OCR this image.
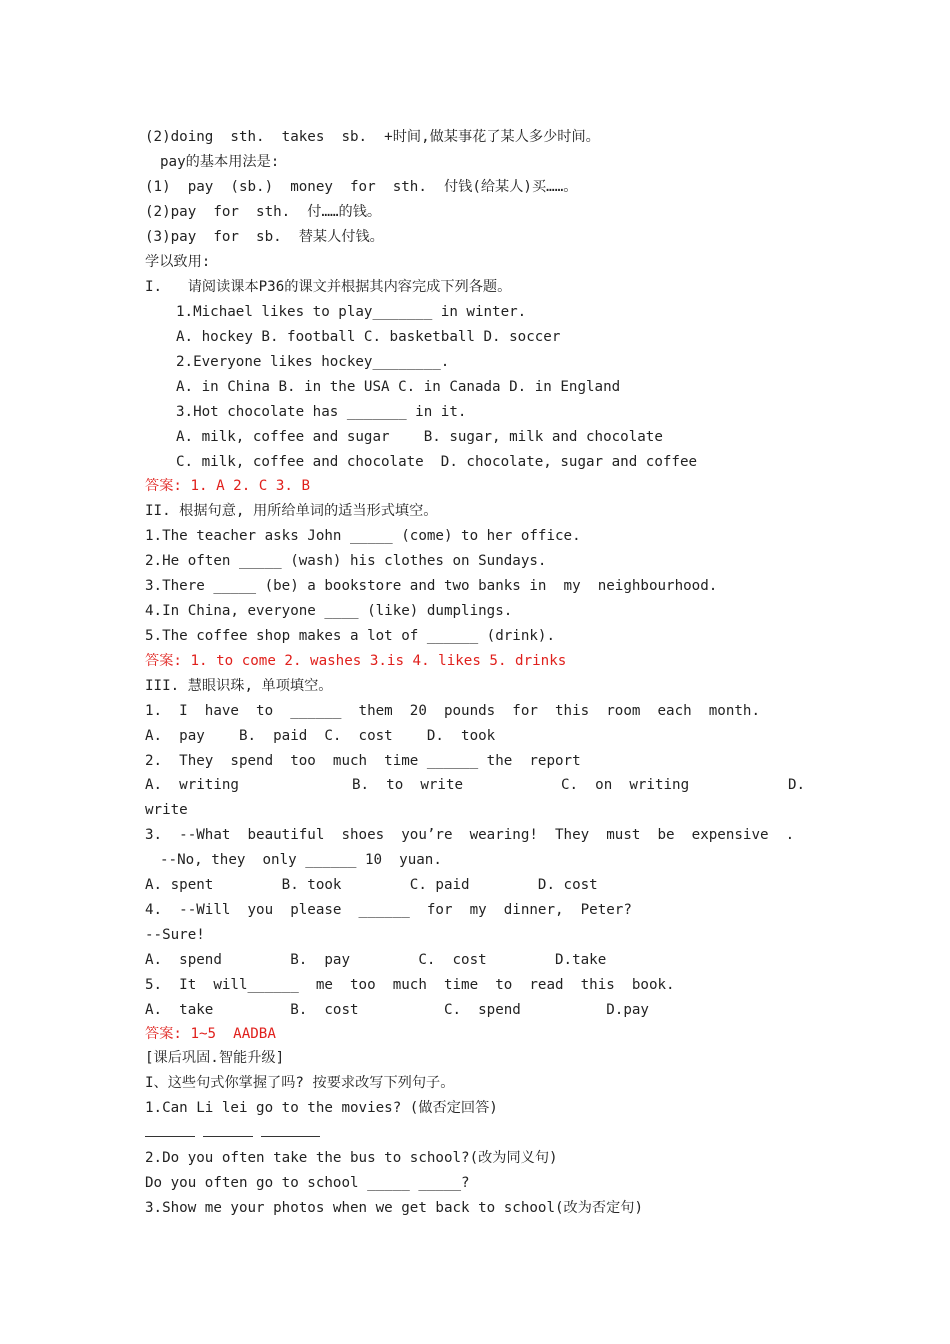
(2)doing  sth.  takes  sb.  +时间,做某事花了某人多少时间。
pay的基本用法是:
(1)  pay  (sb.)  money  for  sth.  付钱(给某人)买……。
(2)pay  for  sth.  付……的钱。
(3)pay  for  sb.  替某人付钱。
学以致用:
I.   请阅读课本P36的课文并根据其内容完成下列各题。
1.Michael likes to play_______ in winter.
A. hockey B. football C. basketball D. soccer
2.Everyone likes hockey________.
A. in China B. in the USA C. in Canada D. in England
3.Hot chocolate has _______ in it.
A. milk, coffee and sugar    B. sugar, milk and chocolate
C. milk, coffee and chocolate  D. chocolate, sugar and coffee
答案: 1. A 2. C 3. B
II. 根据句意, 用所给单词的适当形式填空。
1.The teacher asks John _____ (come) to her office.
2.He often _____ (wash) his clothes on Sundays.
3.There _____ (be) a bookstore and two banks in  my  neighbourhood.
4.In China, everyone ____ (like) dumplings.
5.The coffee shop makes a lot of ______ (drink).
答案: 1. to come 2. washes 3.is 4. likes 5. drinks
III. 慧眼识珠, 单项填空。
1.  I  have  to  ______  them  20  pounds  for  this  room  each  month.
A.  pay    B.  paid  C.  cost    D.  took
2.  They  spend  too  much  time ______ the  report

A.  writing

	B.  to  write

	C.  on  writing

	D.

write
3.  --What  beautiful  shoes  you’re  wearing!  They  must  be  expensive  .
--No, they  only ______ 10  yuan.
A. spent        B. took        C. paid        D. cost
4.  --Will  you  please  ______  for  my  dinner,  Peter?
--Sure!
A.  spend        B.  pay        C.  cost        D.take
5.  It  will______  me  too  much  time  to  read  this  book.
A.  take         B.  cost          C.  spend          D.pay
答案: 1~5  AADBA
[课后巩固.智能升级]
I、这些句式你掌握了吗? 按要求改写下列句子。
1.Can Li lei go to the movies? (做否定回答)
2.Do you often take the bus to school?(改为同义句)
Do you often go to school _____ _____?
3.Show me your photos when we get back to school(改为否定句)
